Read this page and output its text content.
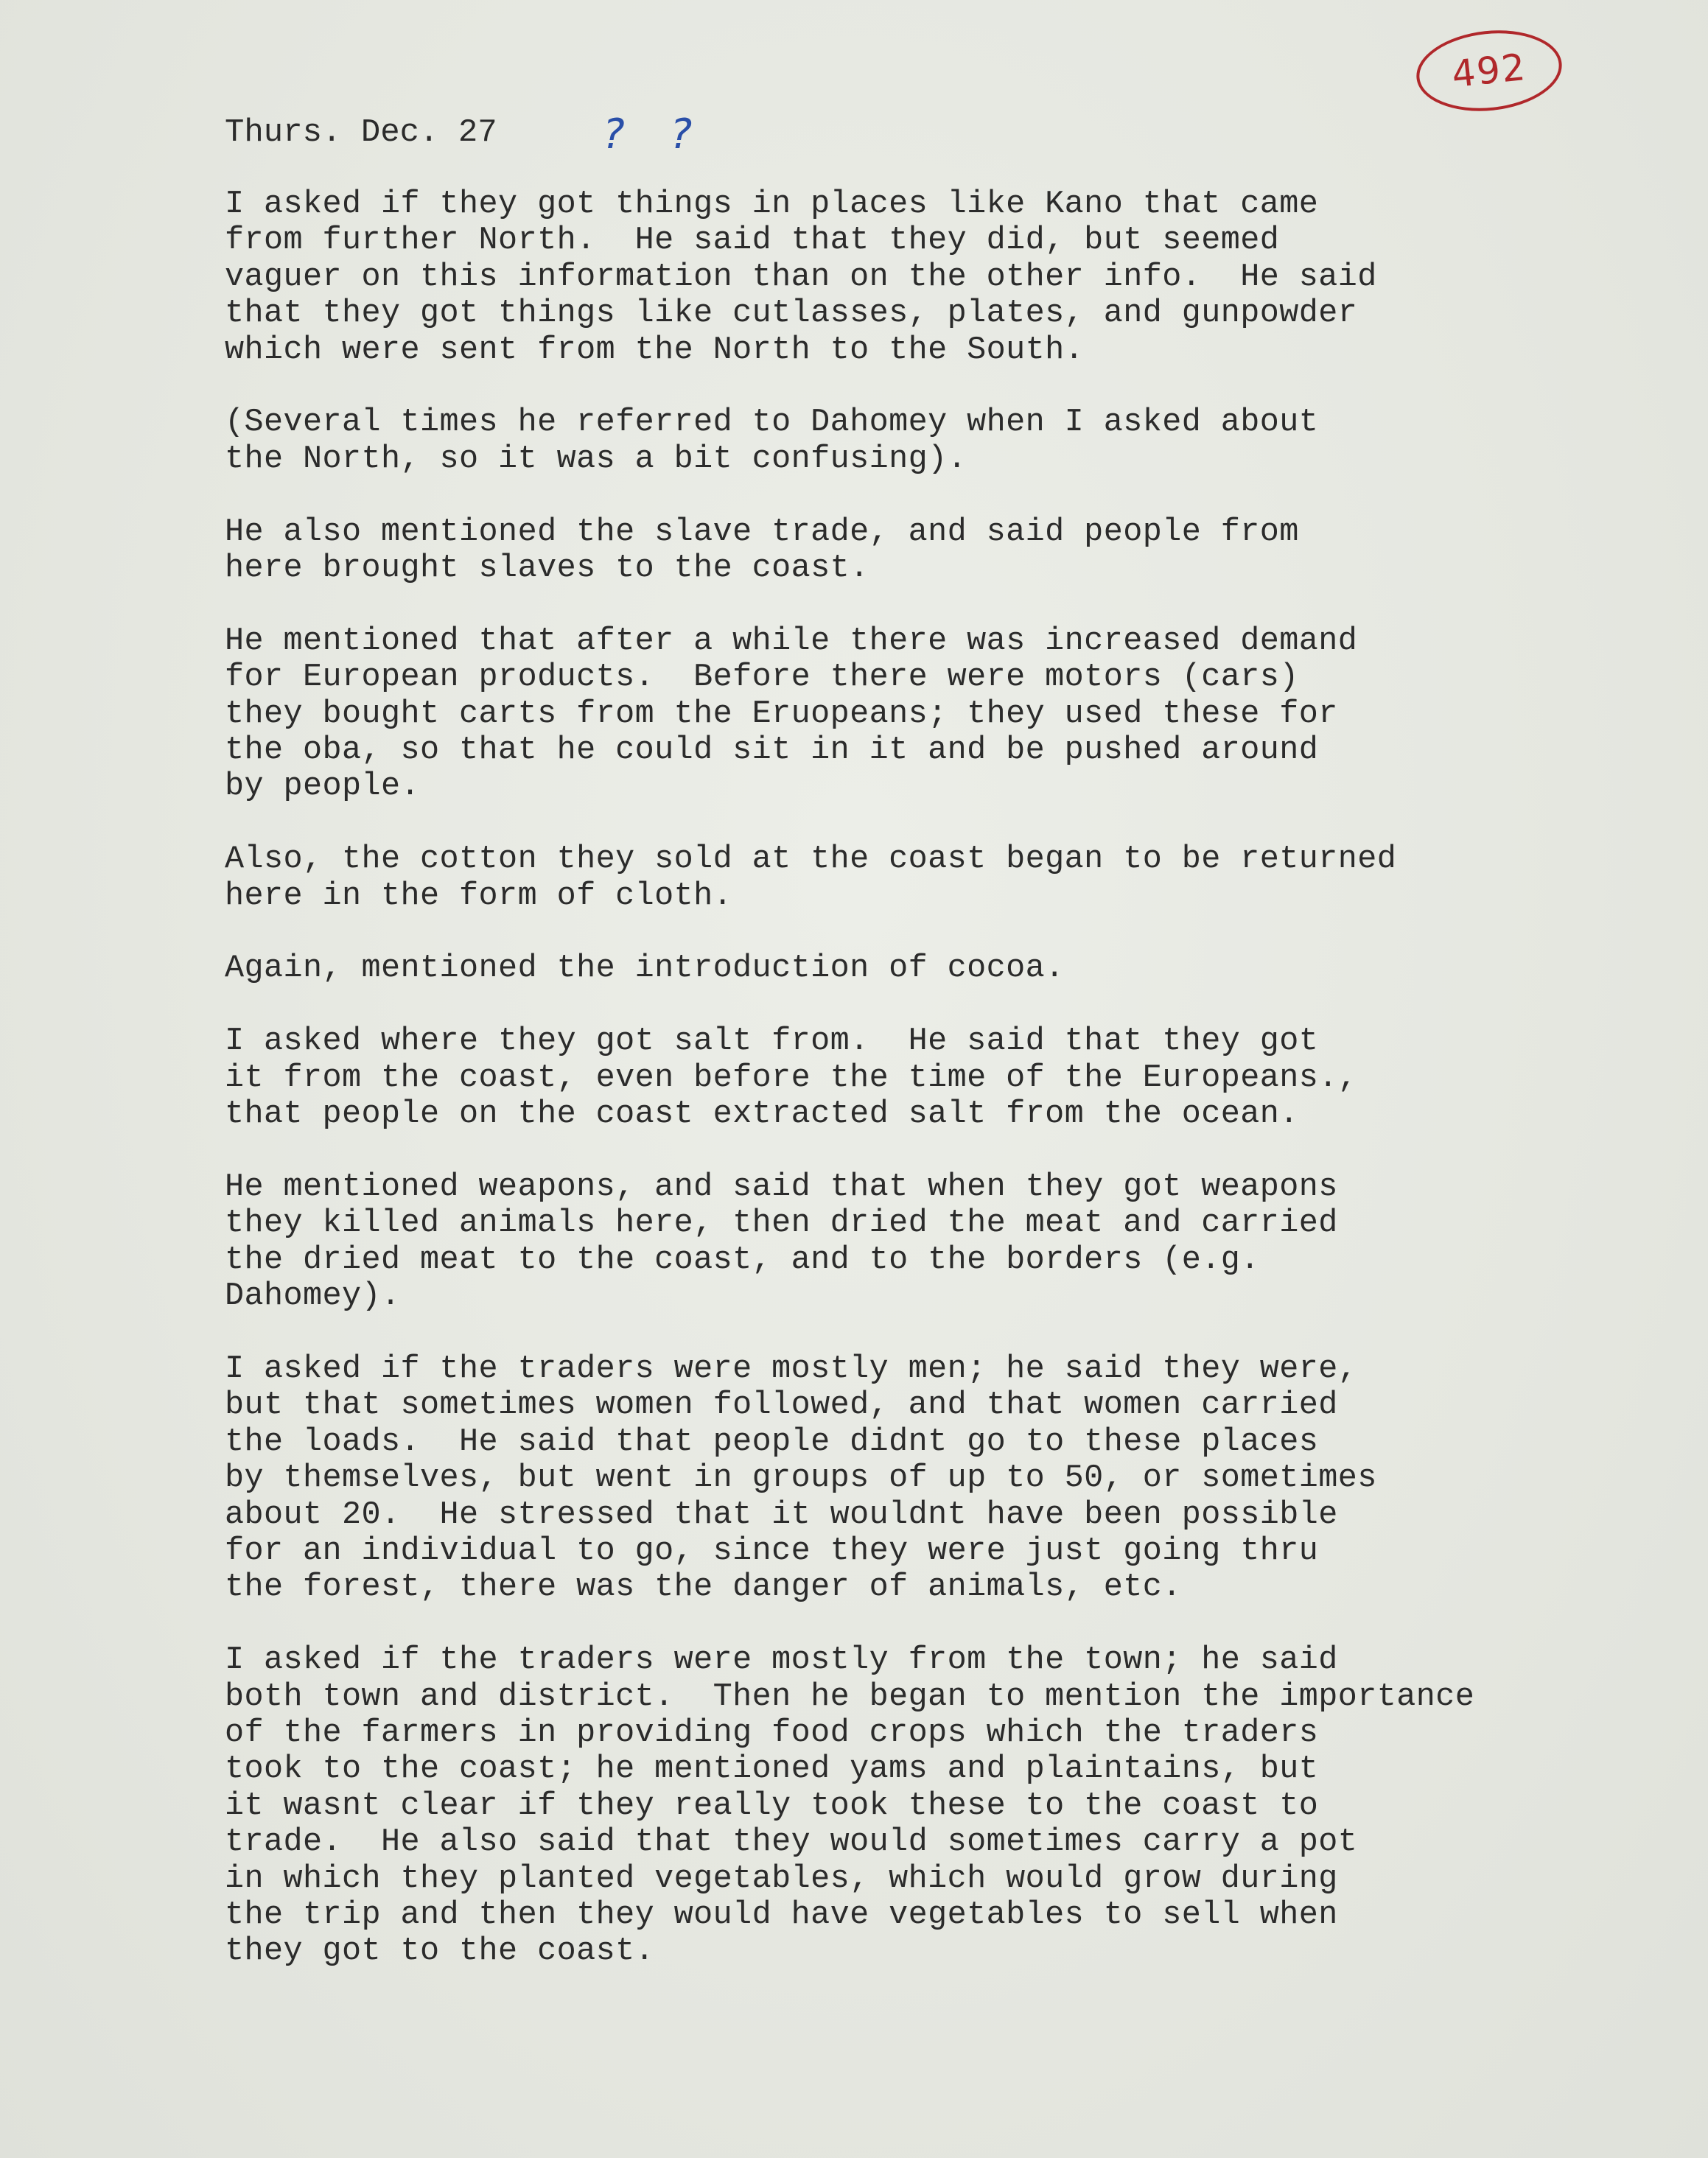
492
Thurs. Dec. 27	? ?
I asked if they got things in places like Kano that came
from further North.  He said that they did, but seemed
vaguer on this information than on the other info.  He said
that they got things like cutlasses, plates, and gunpowder
which were sent from the North to the South.
(Several times he referred to Dahomey when I asked about
the North, so it was a bit confusing).
He also mentioned the slave trade, and said people from
here brought slaves to the coast.
He mentioned that after a while there was increased demand
for European products.  Before there were motors (cars)
they bought carts from the Eruopeans; they used these for
the oba, so that he could sit in it and be pushed around
by people.
Also, the cotton they sold at the coast began to be returned
here in the form of cloth.
Again, mentioned the introduction of cocoa.
I asked where they got salt from.  He said that they got
it from the coast, even before the time of the Europeans.,
that people on the coast extracted salt from the ocean.
He mentioned weapons, and said that when they got weapons
they killed animals here, then dried the meat and carried
the dried meat to the coast, and to the borders (e.g.
Dahomey).
I asked if the traders were mostly men; he said they were,
but that sometimes women followed, and that women carried
the loads.  He said that people didnt go to these places
by themselves, but went in groups of up to 50, or sometimes
about 20.  He stressed that it wouldnt have been possible
for an individual to go, since they were just going thru
the forest, there was the danger of animals, etc.
I asked if the traders were mostly from the town; he said
both town and district.  Then he began to mention the importance
of the farmers in providing food crops which the traders
took to the coast; he mentioned yams and plaintains, but
it wasnt clear if they really took these to the coast to
trade.  He also said that they would sometimes carry a pot
in which they planted vegetables, which would grow during
the trip and then they would have vegetables to sell when
they got to the coast.
